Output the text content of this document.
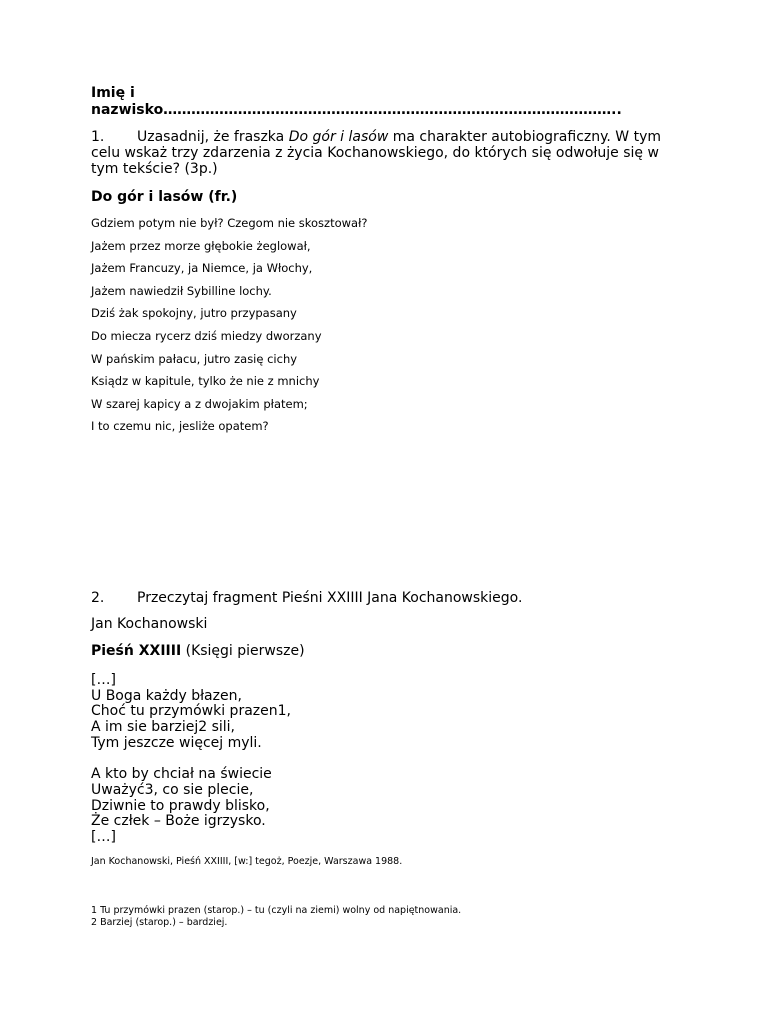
Imię i
nazwisko……………………………………………………………………………………..
1. Uzasadnij, że fraszka Do gór i lasów ma charakter autobiograficzny. W tym celu wskaż trzy zdarzenia z życia Kochanowskiego, do których się odwołuje się w tym tekście? (3p.)
Do gór i lasów (fr.)
Gdziem potym nie był? Czegom nie skosztował?
Jażem przez morze głębokie żeglował,
Jażem Francuzy, ja Niemce, ja Włochy,
Jażem nawiedził Sybilline lochy.
Dziś żak spokojny, jutro przypasany
Do miecza rycerz dziś miedzy dworzany
W pańskim pałacu, jutro zasię cichy
Ksiądz w kapitule, tylko że nie z mnichy
W szarej kapicy a z dwojakim płatem;
I to czemu nic, jesliże opatem?
2. Przeczytaj fragment Pieśni XXIIII Jana Kochanowskiego.
Jan Kochanowski
Pieśń XXIIII (Księgi pierwsze)
[…]
U Boga każdy błazen,
Choć tu przymówki prazen1,
A im sie barziej2 sili,
Tym jeszcze więcej myli.
A kto by chciał na świecie
Uważyć3, co sie plecie,
Dziwnie to prawdy blisko,
Że człek – Boże igrzysko.
[…]
Jan Kochanowski, Pieśń XXIIII, [w:] tegoż, Poezje, Warszawa 1988.
1 Tu przymówki prazen (starop.) – tu (czyli na ziemi) wolny od napiętnowania.
2 Barziej (starop.) – bardziej.
